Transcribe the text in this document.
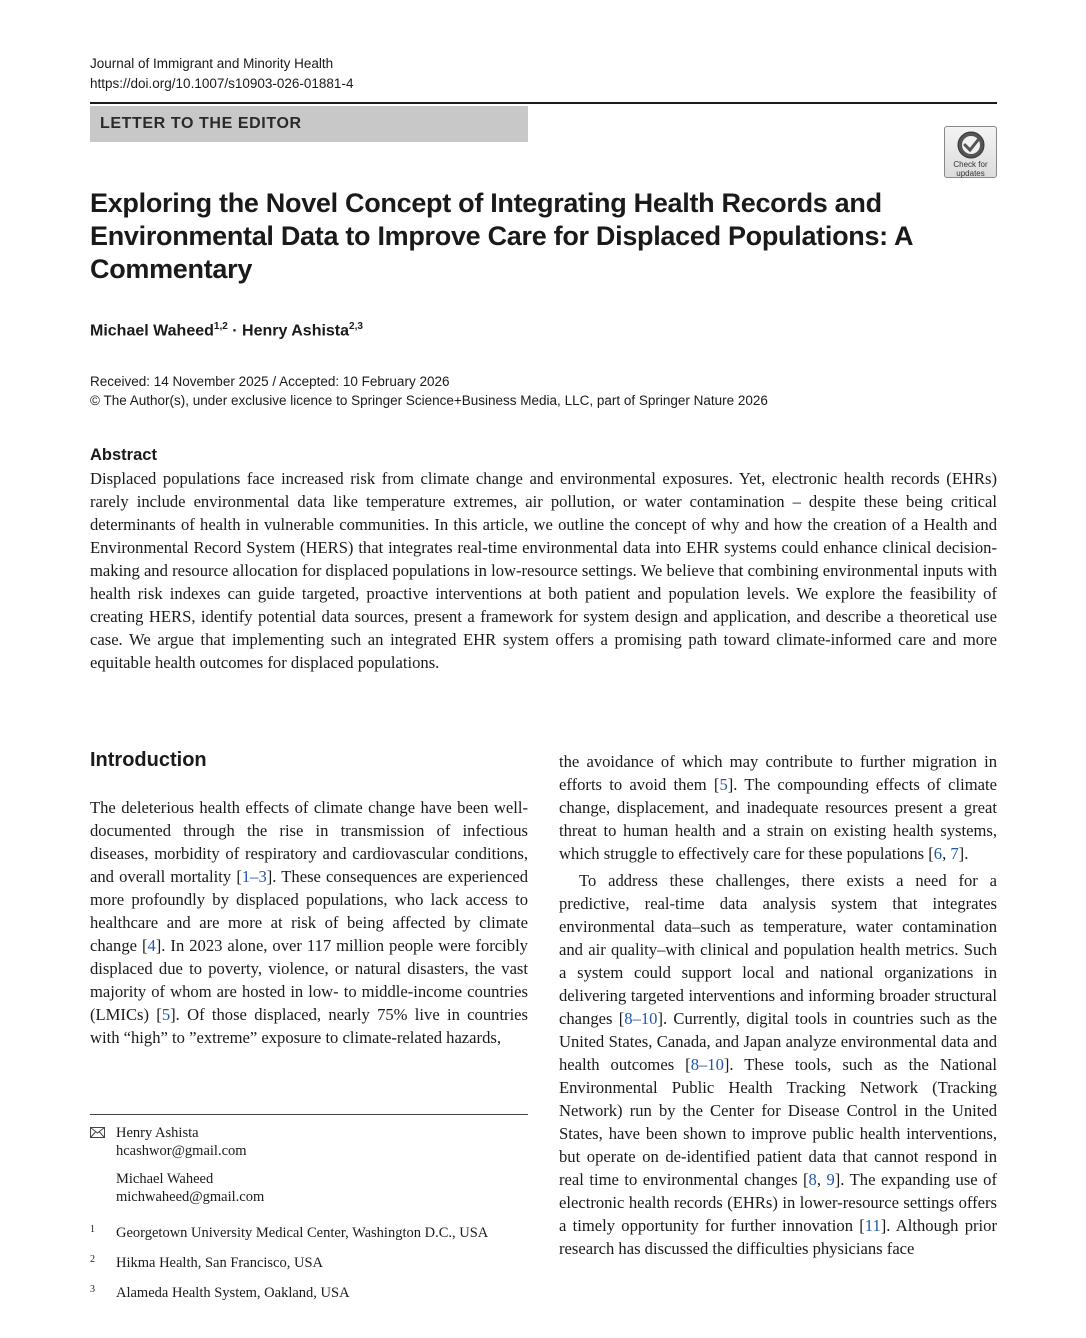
Journal of Immigrant and Minority Health
https://doi.org/10.1007/s10903-026-01881-4
LETTER TO THE EDITOR
Check for
updates
Exploring the Novel Concept of Integrating Health Records and Environmental Data to Improve Care for Displaced Populations: A Commentary
Michael Waheed$^{1,2}$ · Henry Ashista$^{2,3}$
Received: 14 November 2025 / Accepted: 10 February 2026
© The Author(s), under exclusive licence to Springer Science+Business Media, LLC, part of Springer Nature 2026
Abstract

Displaced populations face increased risk from climate change and environmental exposures. Yet, electronic health records (EHRs) rarely include environmental data like temperature extremes, air pollution, or water contamination – despite these being critical determinants of health in vulnerable communities. In this article, we outline the concept of why and how the creation of a Health and Environmental Record System (HERS) that integrates real-time environmental data into EHR systems could enhance clinical decision-making and resource allocation for displaced populations in low-resource settings. We believe that combining environmental inputs with health risk indexes can guide targeted, proactive interventions at both patient and population levels. We explore the feasibility of creating HERS, identify potential data sources, present a framework for system design and application, and describe a theoretical use case. We argue that implementing such an integrated EHR system offers a promising path toward climate-informed care and more equitable health outcomes for displaced populations.

Introduction

The deleterious health effects of climate change have been well-documented through the rise in transmission of infectious diseases, morbidity of respiratory and cardiovascular conditions, and overall mortality [1–3]. These consequences are experienced more profoundly by displaced populations, who lack access to healthcare and are more at risk of being affected by climate change [4]. In 2023 alone, over 117 million people were forcibly displaced due to poverty, violence, or natural disasters, the vast majority of whom are hosted in low- to middle-income countries (LMICs) [5]. Of those displaced, nearly 75% live in countries with “high” to ”extreme” exposure to climate-related hazards,

the avoidance of which may contribute to further migration in efforts to avoid them [5]. The compounding effects of climate change, displacement, and inadequate resources present a great threat to human health and a strain on existing health systems, which struggle to effectively care for these populations [6, 7].

To address these challenges, there exists a need for a predictive, real-time data analysis system that integrates environmental data–such as temperature, water contamination and air quality–with clinical and population health metrics. Such a system could support local and national organizations in delivering targeted interventions and informing broader structural changes [8–10]. Currently, digital tools in countries such as the United States, Canada, and Japan analyze environmental data and health outcomes [8–10]. These tools, such as the National Environmental Public Health Tracking Network (Tracking Network) run by the Center for Disease Control in the United States, have been shown to improve public health interventions, but operate on de-identified patient data that cannot respond in real time to environmental changes [8, 9]. The expanding use of electronic health records (EHRs) in lower-resource settings offers a timely opportunity for further innovation [11]. Although prior research has discussed the difficulties physicians face

Henry Ashista
hcashwor@gmail.com
Michael Waheed
michwaheed@gmail.com
1 Georgetown University Medical Center, Washington D.C., USA
2 Hikma Health, San Francisco, USA
3 Alameda Health System, Oakland, USA
